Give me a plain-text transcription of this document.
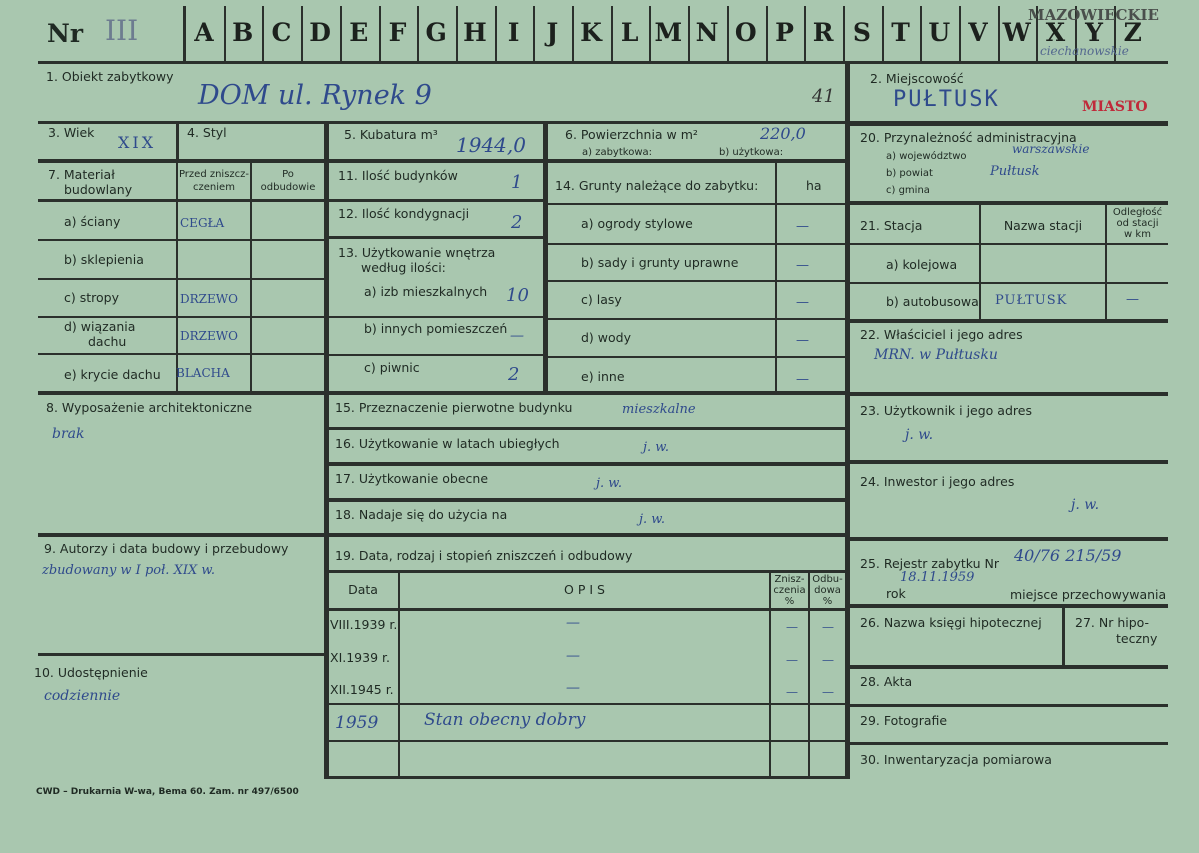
Nr III	A B C D E F G H I	J K L M N O P R S T U V W X Y Z
MAZOWIECKIE
ciechanowskie
1. Obiekt zabytkowy
DOM ul. Rynek 9	41
2. Miejscowość
PUŁTUSK	MIASTO
3. Wiek
XIX
4. Styl	5. Kubatura m³ 1944,0	6. Powierzchnia w m²
a) zabytkowa:	b) użytkowa:
220,0
7. Materiał
budowlany
Przed zniszcz-
czeniem
Po
odbudowie
a) ściany	CEGŁA
b) sklepienia
c) stropy	DRZEWO
d) wiązania
dachu	DRZEWO
e) krycie dachu BLACHA
8. Wyposażenie architektoniczne
brak
9. Autorzy i data budowy i przebudowy
zbudowany w I poł. XIX w.
10. Udostępnienie
codziennie
11. Ilość budynków	1
12. Ilość kondygnacji 2
13. Użytkowanie wnętrza
według ilości:
a) izb mieszkalnych 10
b) innych pomieszczeń —
c) piwnic	2
14. Grunty należące do zabytku:	ha
a) ogrody stylowe	—
b) sady i grunty uprawne	—
c) lasy	—
d) wody	—
e) inne	—
15. Przeznaczenie pierwotne budynku	mieszkalne
16. Użytkowanie w latach ubiegłych	j. w.
17. Użytkowanie obecne	j. w.
18. Nadaje się do użycia na	j. w.
19. Data, rodzaj i stopień zniszczeń i odbudowy
Data	O P I S
Znisz-
czenia
%
Odbu-
dowa
%
VIII.1939 r.	—	— —
XI.1939 r.	—	— —
XII.1945 r.	—	— —
1959	Stan obecny dobry
20. Przynależność administracyjna
a) województwo
warszawskie
b) powiat	Pułtusk
c) gmina
21. Stacja	Nazwa stacji
Odległość
od stacji
w km
a) kolejowa
b) autobusowa PUŁTUSK	—
22. Właściciel i jego adres
MRN. w Pułtusku
23. Użytkownik i jego adres
j. w.
24. Inwestor i jego adres
j. w.
25. Rejestr zabytku Nr 40/76 215/59
18.11.1959
rok	miejsce przechowywania
26. Nazwa księgi hipotecznej	27. Nr hipo-
teczny
28. Akta
29. Fotografie
30. Inwentaryzacja pomiarowa
CWD – Drukarnia W-wa, Bema 60. Zam. nr 497/6500
